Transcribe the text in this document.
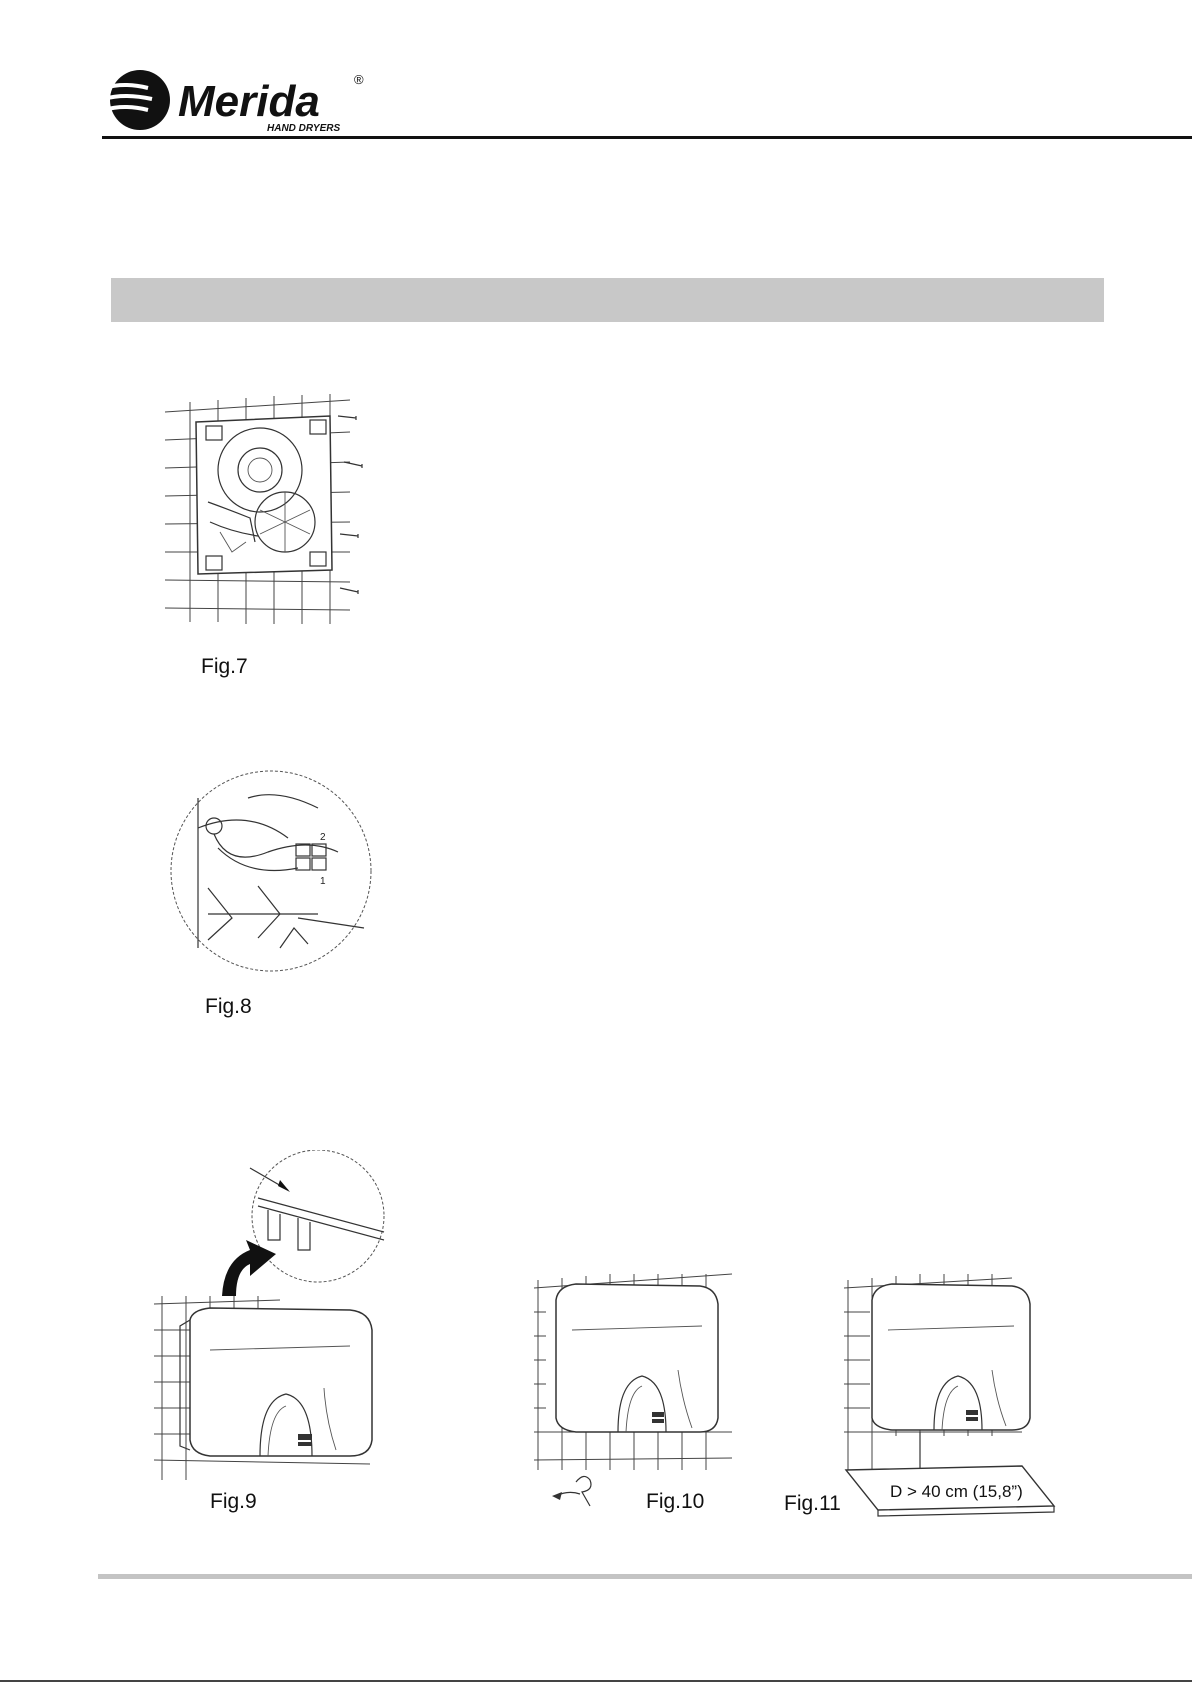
Merida	®
HAND DRYERS
Fig.7
2
1
Fig.8
Fig.9	Fig.10	Fig.11
D > 40 cm (15,8”)
